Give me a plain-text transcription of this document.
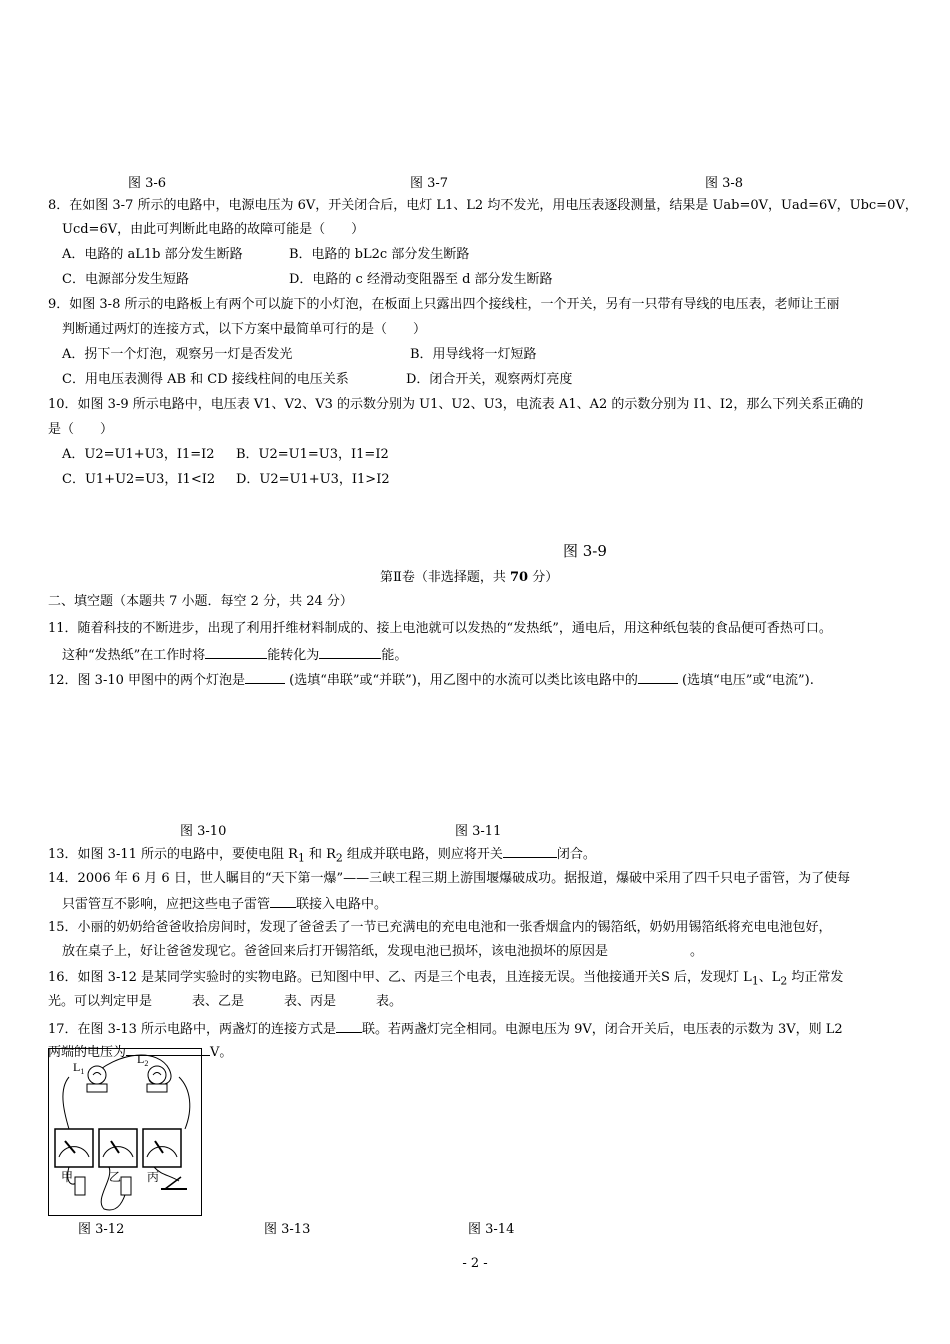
图 3-6	图 3-7	图 3-8
8．在如图 3-7 所示的电路中，电源电压为 6V，开关闭合后，电灯 L1、L2 均不发光，用电压表逐段测量，结果是 Uab=0V，Uad=6V，Ubc=0V，
Ucd=6V，由此可判断此电路的故障可能是（　　）
A．电路的 aL1b 部分发生断路	B．电路的 bL2c 部分发生断路
C．电源部分发生短路	D．电路的 c 经滑动变阻器至 d 部分发生断路
9．如图 3-8 所示的电路板上有两个可以旋下的小灯泡，在板面上只露出四个接线柱，一个开关，另有一只带有导线的电压表，老师让王丽
判断通过两灯的连接方式，以下方案中最简单可行的是（　　）
A．拐下一个灯泡，观察另一灯是否发光	B．用导线将一灯短路
C．用电压表测得 AB 和 CD 接线柱间的电压关系	D．闭合开关，观察两灯亮度
10．如图 3-9 所示电路中，电压表 V1、V2、V3 的示数分别为 U1、U2、U3，电流表 A1、A2 的示数分别为 I1、I2，那么下列关系正确的
是（　　）
A．U2=U1+U3，I1=I2 B．U2=U1=U3，I1=I2
C．U1+U2=U3，I1<I2 D．U2=U1+U3，I1>I2
图 3-9
第Ⅱ卷（非选择题，共 70 分）
二、填空题（本题共 7 小题．每空 2 分，共 24 分）
11．随着科技的不断进步，出现了利用扦维材料制成的、接上电池就可以发热的“发热纸”，通电后，用这种纸包装的食品便可香热可口。
这种“发热纸”在工作时将	能转化为	能。
12．图 3-10 甲图中的两个灯泡是	(选填“串联”或“并联”)，用乙图中的水流可以类比该电路中的	(选填“电压”或“电流”).
图 3-10	图 3-11
13．如图 3-11 所示的电路中，要使电阻 $R_1$ 和 $R_2$ 组成并联电路，则应将开关	闭合。
14．2006 年 6 月 6 日，世人瞩目的“天下第一爆”——三峡工程三期上游围堰爆破成功。据报道，爆破中采用了四千只电子雷管，为了使每
只雷管互不影响，应把这些电子雷管 联接入电路中。
15．小丽的奶奶给爸爸收拾房间时，发现了爸爸丢了一节已充满电的充电电池和一张香烟盒内的锡箔纸，奶奶用锡箔纸将充电电池包好，
放在桌子上，好让爸爸发现它。爸爸回来后打开锡箔纸，发现电池已损坏，该电池损坏的原因是	。
16．如图 3-12 是某同学实验时的实物电路。已知图中甲、乙、丙是三个电表，且连接无误。当他接通开关S 后，发现灯 $L_1$、$L_2$ 均正常发
光。可以判定甲是	表、乙是	表、丙是	表。
17．在图 3-13 所示电路中，两盏灯的连接方式是 联。若两盏灯完全相同。电源电压为 9V，闭合开关后，电压表的示数为 3V，则 L2
两端的电压为	V。
$L_1$
$L_2$
甲	乙 丙
图 3-12	图 3-13	图 3-14
- 2 -
